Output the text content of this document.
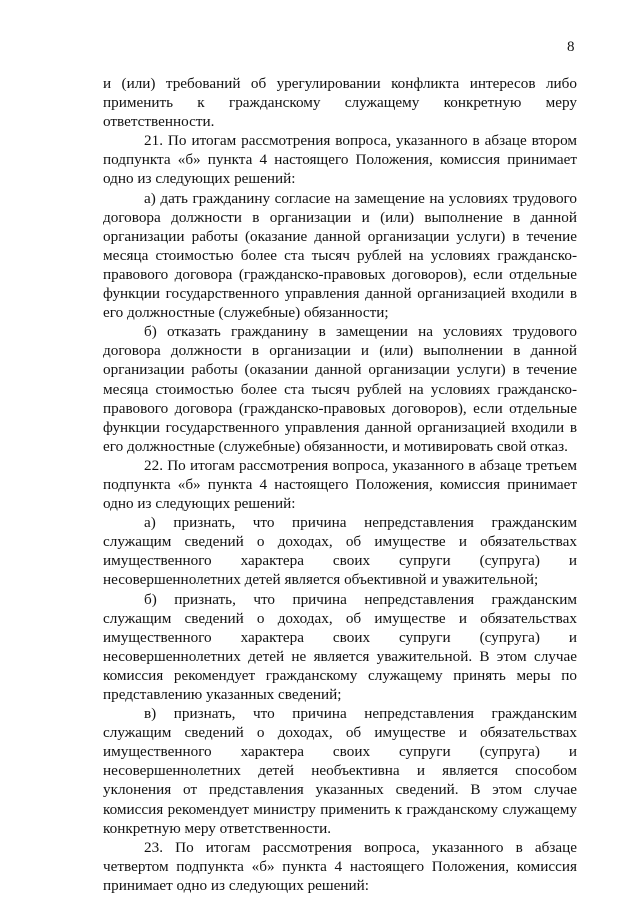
8

и (или) требований об урегулировании конфликта интересов либо применить к гражданскому служащему конкретную меру ответственности.

21. По итогам рассмотрения вопроса, указанного в абзаце втором подпункта «б» пункта 4 настоящего Положения, комиссия принимает одно из следующих решений:

а) дать гражданину согласие на замещение на условиях трудового договора должности в организации и (или) выполнение в данной организации работы (оказание данной организации услуги) в течение месяца стоимостью более ста тысяч рублей на условиях гражданско-правового договора (гражданско-правовых договоров), если отдельные функции государственного управления данной организацией входили в его должностные (служебные) обязанности;

б) отказать гражданину в замещении на условиях трудового договора должности в организации и (или) выполнении в данной организации работы (оказании данной организации услуги) в течение месяца стоимостью более ста тысяч рублей на условиях гражданско-правового договора (гражданско-правовых договоров), если отдельные функции государственного управления данной организацией входили в его должностные (служебные) обязанности, и мотивировать свой отказ.

22. По итогам рассмотрения вопроса, указанного в абзаце третьем подпункта «б» пункта 4 настоящего Положения, комиссия принимает одно из следующих решений:

а) признать, что причина непредставления гражданским служащим сведений о доходах, об имуществе и обязательствах имущественного характера своих супруги (супруга) и несовершеннолетних детей является объективной и уважительной;

б) признать, что причина непредставления гражданским служащим сведений о доходах, об имуществе и обязательствах имущественного характера своих супруги (супруга) и несовершеннолетних детей не является уважительной. В этом случае комиссия рекомендует гражданскому служащему принять меры по представлению указанных сведений;

в) признать, что причина непредставления гражданским служащим сведений о доходах, об имуществе и обязательствах имущественного характера своих супруги (супруга) и несовершеннолетних детей необъективна и является способом уклонения от представления указанных сведений. В этом случае комиссия рекомендует министру применить к гражданскому служащему конкретную меру ответственности.

23. По итогам рассмотрения вопроса, указанного в абзаце четвертом подпункта «б» пункта 4 настоящего Положения, комиссия принимает одно из следующих решений:
